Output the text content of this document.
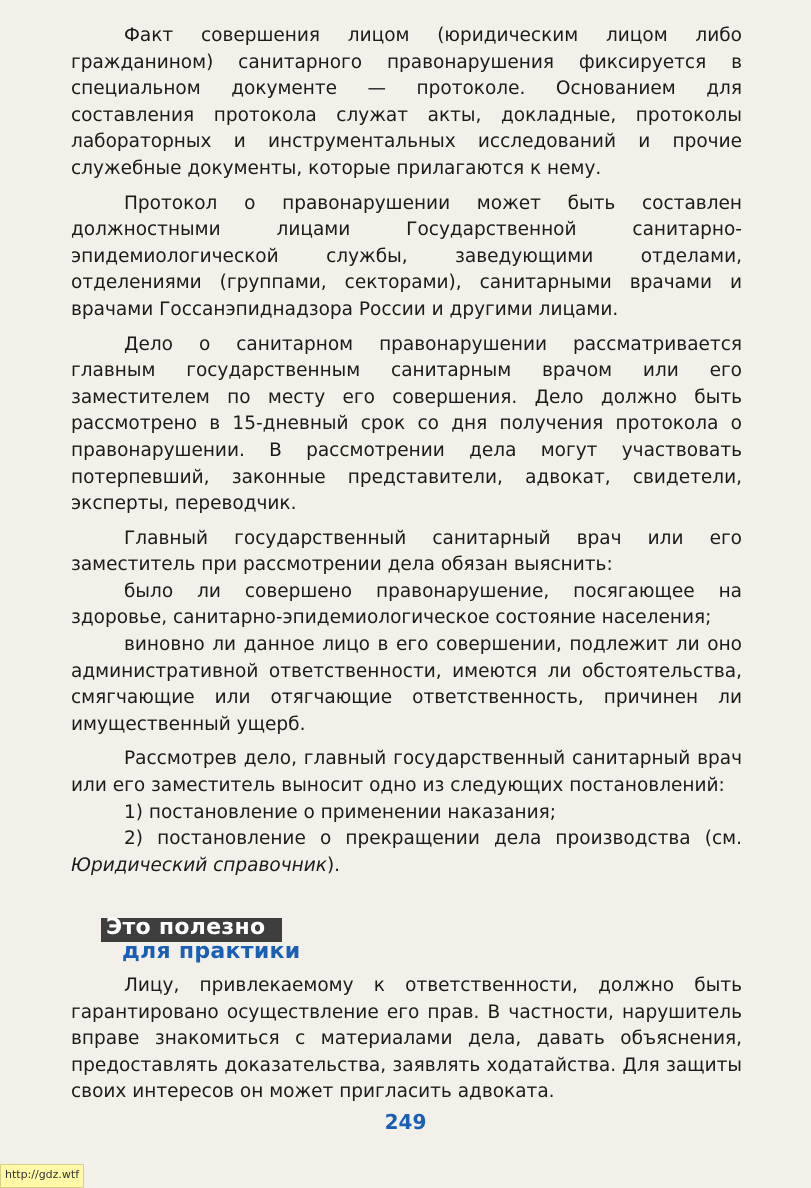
Факт совершения лицом (юридическим лицом либо гражданином) санитарного правонарушения фиксируется в специальном документе — протоколе. Основанием для составления протокола служат акты, докладные, протоколы лабораторных и инструментальных исследований и прочие служебные документы, которые прилагаются к нему.

Протокол о правонарушении может быть составлен должностными лицами Государственной санитарно-эпидемиологической службы, заведующими отделами, отделениями (группами, секторами), санитарными врачами и врачами Госсанэпиднадзора России и другими лицами.

Дело о санитарном правонарушении рассматривается главным государственным санитарным врачом или его заместителем по месту его совершения. Дело должно быть рассмотрено в 15-дневный срок со дня получения протокола о правонарушении. В рассмотрении дела могут участвовать потерпевший, законные представители, адвокат, свидетели, эксперты, переводчик.

Главный государственный санитарный врач или его заместитель при рассмотрении дела обязан выяснить:

было ли совершено правонарушение, посягающее на здоровье, санитарно-эпидемиологическое состояние населения;

виновно ли данное лицо в его совершении, подлежит ли оно административной ответственности, имеются ли обстоятельства, смягчающие или отягчающие ответственность, причинен ли имущественный ущерб.

Рассмотрев дело, главный государственный санитарный врач или его заместитель выносит одно из следующих постановлений:

1) постановление о применении наказания;

2) постановление о прекращении дела производства (см. Юридический справочник).

Это полезно
для практики

Лицу, привлекаемому к ответственности, должно быть гарантировано осуществление его прав. В частности, нарушитель вправе знакомиться с материалами дела, давать объяснения, предоставлять доказательства, заявлять ходатайства. Для защиты своих интересов он может пригласить адвоката.

249
http://gdz.wtf
